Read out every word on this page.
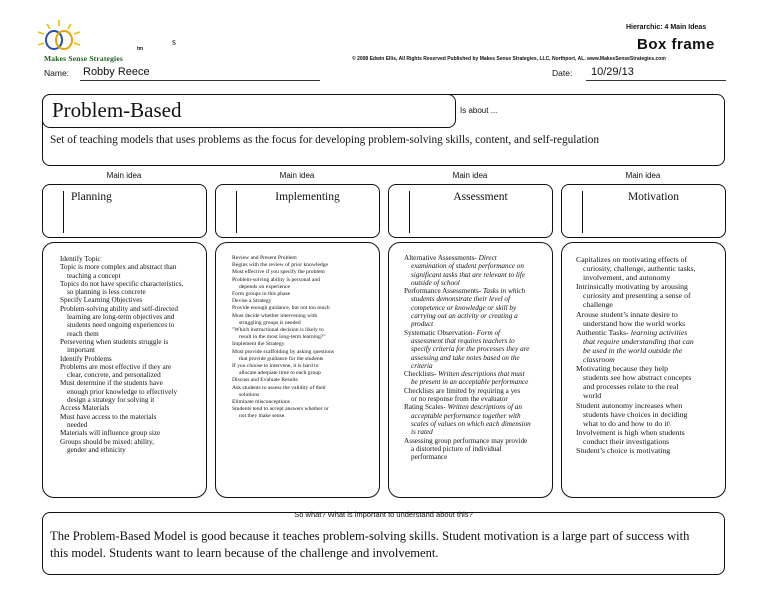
Makes Sense Strategies
tm
s
Hierarchic: 4 Main Ideas
Box frame
© 2008 Edwin Ellis, All Rights Reserved Published by Makes Sense Strategies, LLC, Northport, AL. www.MakesSenseStrategies.com
Name: Robby Reece	Date: 10/29/13
Problem-Based	Is about ...
Set of teaching models that uses problems as the focus for developing problem-solving skills, content, and self-regulation
Main idea	Main idea	Main idea	Main idea
Planning	Implementing	Assessment	Motivation
Identify Topic
Topic is more complex and abstract than
teaching a concept
Topics do not have specific characteristics,
so planning is less concrete
Specify Learning Objectives
Problem-solving ability and self-directed
learning are long-term objectives and
students need ongoing experiences to
reach them
Persevering when students struggle is
important
Identify Problems
Problems are most effective if they are
clear, concrete, and personalized
Must determine if the students have
enough prior knowledge to effectively
design a strategy for solving it
Access Materials
Must have access to the materials
needed
Materials will influence group size
Groups should be mixed: ability,
gender and ethnicity
Review and Present Problem
Begins with the review of prior knowledge
Most effective if you specify the problem
Problem-solving ability is personal and
depends on experience
Form groups in this phase
Devise a Strategy
Provide enough guidance, but not too much
Must decide whether intervening with
struggling groups is needed
"Which instructional decision is likely to
result in the most long-term learning?"
Implement the Strategy
Must provide scaffolding by asking questions
that provide guidance for the students
If you choose to intervene, it is hard to
allocate adequate time to each group
Discuss and Evaluate Results
Ask students to assess the validity of their
solutions
Eliminate misconceptions
Students tend to accept answers whether or
not they make sense.
Alternative Assessments- Direct
examination of student performance on
significant tasks that are relevant to life
outside of school
Performance Assessments- Tasks in which
students demonstrate their level of
competence or knowledge or skill by
carrying out an activity or creating a
product
Systematic Observation- Form of
assessment that requires teachers to
specify criteria for the processes they are
assessing and take notes based on the
criteria
Checklists- Written descriptions that must
be present in an acceptable performance
Checklists are limited by requiring a yes
or no response from the evaluator
Rating Scales- Written descriptions of an
acceptable performance together with
scales of values on which each dimension
is rated
Assessing group performance may provide
a distorted picture of individual
performance
Capitalizes on motivating effects of
curiosity, challenge, authentic tasks,
involvement, and autonomy
Intrinsically motivating by arousing
curiosity and presenting a sense of
challenge
Arouse student’s innate desire to
understand how the world works
Authentic Tasks- learning activities
that require understanding that can
be used in the world outside the
classroom
Motivating because they help
students see how abstract concepts
and processes relate to the real
world
Student autonomy increases when
students have choices in deciding
what to do and how to do it\
Involvement is high when students
conduct their investigations
Student’s choice is motivating
So what? What is important to understand about this?
The Problem-Based Model is good because it teaches problem-solving skills. Student motivation is a large part of success with this model. Students want to learn because of the challenge and involvement.
